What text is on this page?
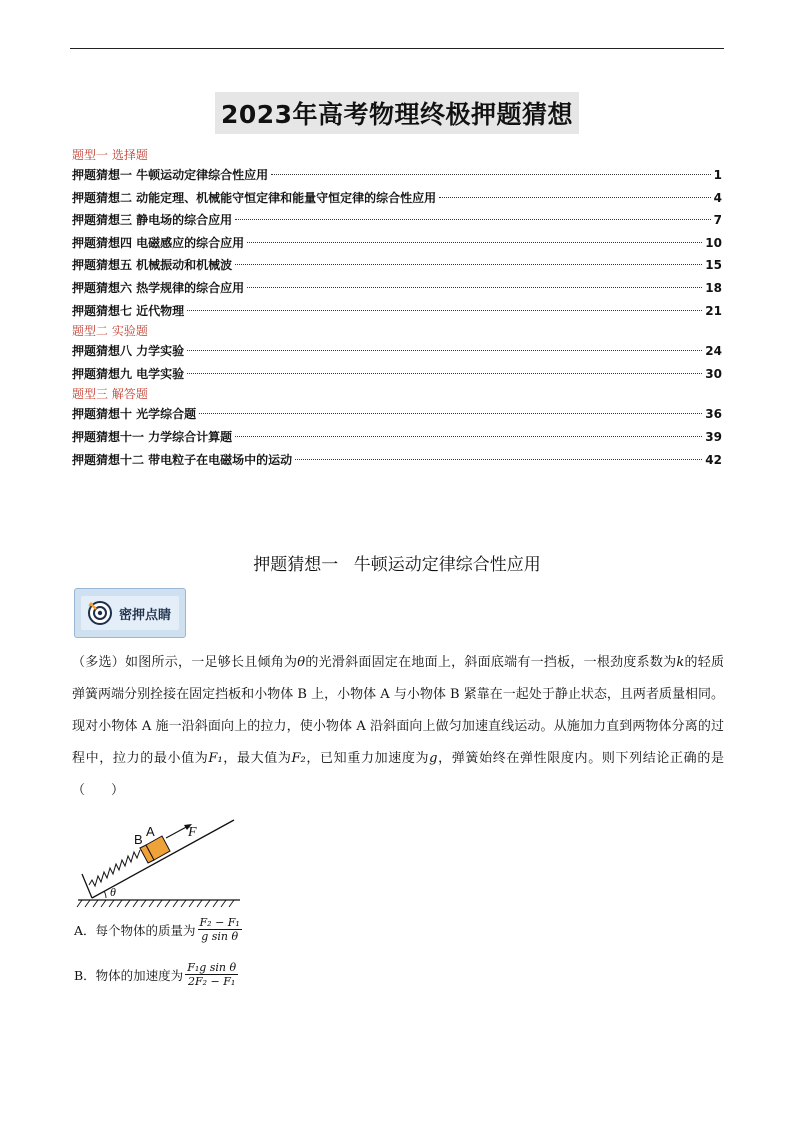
2023年高考物理终极押题猜想
题型一 选择题
押题猜想一 牛顿运动定律综合性应用	1
押题猜想二 动能定理、机械能守恒定律和能量守恒定律的综合性应用	4
押题猜想三 静电场的综合应用	7
押题猜想四 电磁感应的综合应用	10
押题猜想五 机械振动和机械波	15
押题猜想六 热学规律的综合应用	18
押题猜想七 近代物理	21
题型二 实验题
押题猜想八 力学实验	24
押题猜想九 电学实验	30
题型三 解答题
押题猜想十 光学综合题	36
押题猜想十一 力学综合计算题	39
押题猜想十二 带电粒子在电磁场中的运动	42
押题猜想一 牛顿运动定律综合性应用
密押点睛
（多选）如图所示，一足够长且倾角为θ的光滑斜面固定在地面上，斜面底端有一挡板，一根劲度系数为k的轻质弹簧两端分别拴接在固定挡板和小物体 B 上，小物体 A 与小物体 B 紧靠在一起处于静止状态，且两者质量相同。现对小物体 A 施一沿斜面向上的拉力，使小物体 A 沿斜面向上做匀加速直线运动。从施加力直到两物体分离的过程中，拉力的最小值为F₁，最大值为F₂，已知重力加速度为g，弹簧始终在弹性限度内。则下列结论正确的是（　　）
B
A F
θ
A．每个物体的质量为 $\frac{\text{F₂ − F₁}}{\text{g sin θ}}$
B．物体的加速度为 $\frac{\text{F₁g sin θ}}{\text{2F₂ − F₁}}$
